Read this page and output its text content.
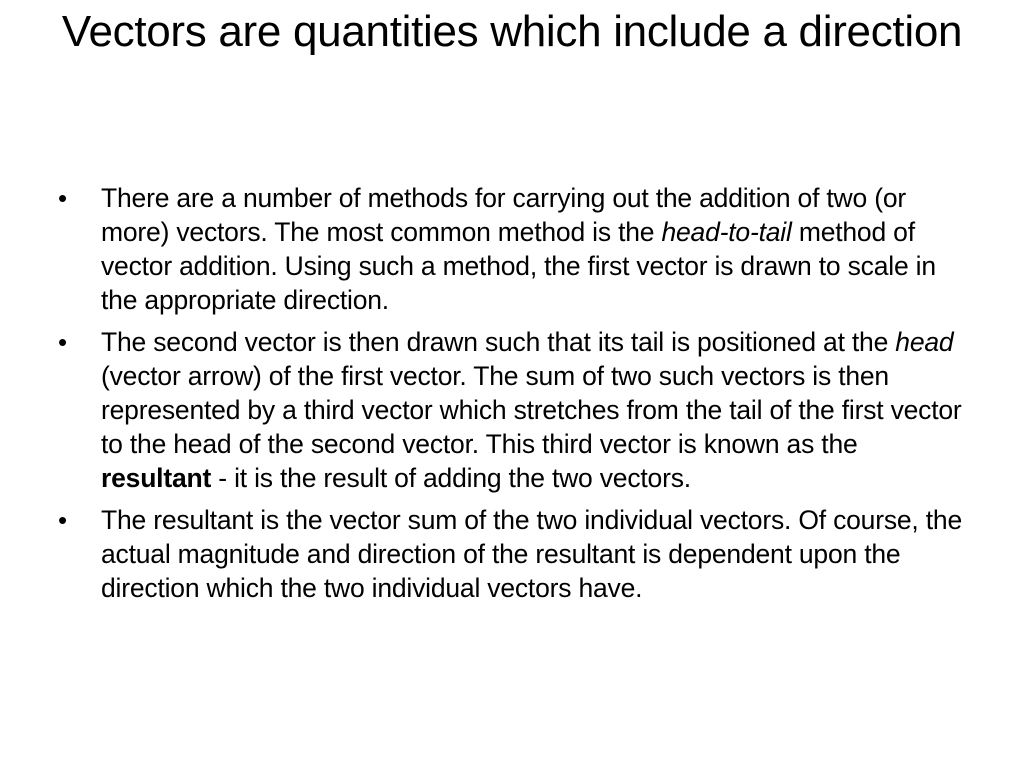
Vectors are quantities which include a direction
•	There are a number of methods for carrying out the addition of two (or more) vectors. The most common method is the head-to-tail method of vector addition. Using such a method, the first vector is drawn to scale in the appropriate direction.
•	The second vector is then drawn such that its tail is positioned at the head (vector arrow) of the first vector. The sum of two such vectors is then represented by a third vector which stretches from the tail of the first vector to the head of the second vector. This third vector is known as the resultant - it is the result of adding the two vectors.
•	The resultant is the vector sum of the two individual vectors. Of course, the actual magnitude and direction of the resultant is dependent upon the direction which the two individual vectors have.
